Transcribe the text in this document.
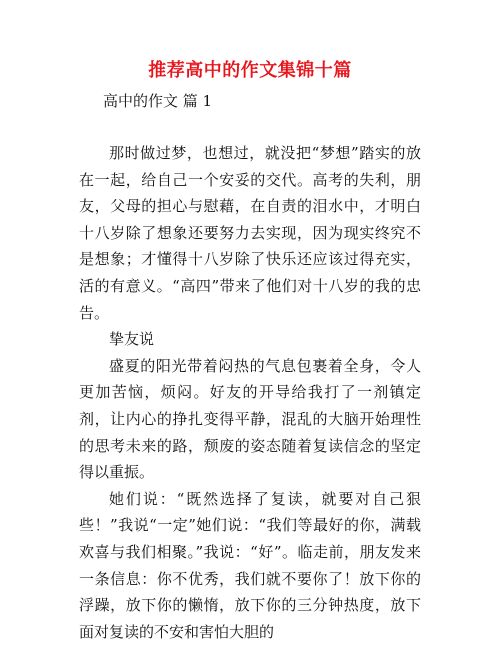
推荐高中的作文集锦十篇
高中的作文 篇 1

那时做过梦，也想过，就没把“梦想”踏实的放在一起，给自己一个安妥的交代。高考的失利，朋友，父母的担心与慰藉，在自责的泪水中，才明白十八岁除了想象还要努力去实现，因为现实终究不是想象；才懂得十八岁除了快乐还应该过得充实，活的有意义。“高四”带来了他们对十八岁的我的忠告。

挚友说

盛夏的阳光带着闷热的气息包裹着全身，令人更加苦恼，烦闷。好友的开导给我打了一剂镇定剂，让内心的挣扎变得平静，混乱的大脑开始理性的思考未来的路，颓废的姿态随着复读信念的坚定得以重振。

她们说：“既然选择了复读，就要对自己狠些！”我说“一定”她们说：“我们等最好的你，满载欢喜与我们相聚。”我说：“好”。临走前，朋友发来一条信息：你不优秀，我们就不要你了！放下你的浮躁，放下你的懒惰，放下你的三分钟热度，放下面对复读的不安和害怕大胆的
